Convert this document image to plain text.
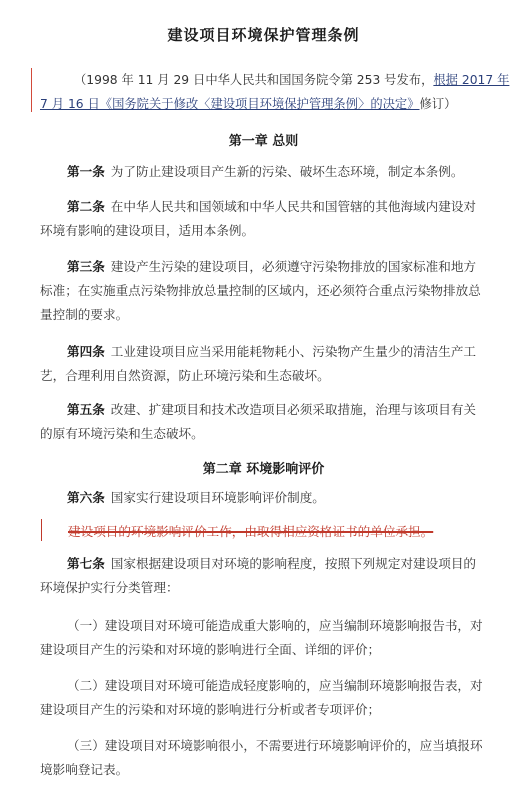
建设项目环境保护管理条例
（1998 年 11 月 29 日中华人民共和国国务院令第 253 号发布，根据 2017 年
7 月 16 日《国务院关于修改〈建设项目环境保护管理条例〉的决定》修订）
第一章 总则
第一条 为了防止建设项目产生新的污染、破坏生态环境，制定本条例。
第二条 在中华人民共和国领域和中华人民共和国管辖的其他海域内建设对
环境有影响的建设项目，适用本条例。
第三条 建设产生污染的建设项目，必须遵守污染物排放的国家标准和地方
标准；在实施重点污染物排放总量控制的区域内，还必须符合重点污染物排放总
量控制的要求。
第四条 工业建设项目应当采用能耗物耗小、污染物产生量少的清洁生产工
艺，合理利用自然资源，防止环境污染和生态破坏。
第五条 改建、扩建项目和技术改造项目必须采取措施，治理与该项目有关
的原有环境污染和生态破坏。
第二章 环境影响评价
第六条 国家实行建设项目环境影响评价制度。
建设项目的环境影响评价工作，由取得相应资格证书的单位承担。
第七条 国家根据建设项目对环境的影响程度，按照下列规定对建设项目的
环境保护实行分类管理：
（一）建设项目对环境可能造成重大影响的，应当编制环境影响报告书，对
建设项目产生的污染和对环境的影响进行全面、详细的评价；
（二）建设项目对环境可能造成轻度影响的，应当编制环境影响报告表，对
建设项目产生的污染和对环境的影响进行分析或者专项评价；
（三）建设项目对环境影响很小，不需要进行环境影响评价的，应当填报环
境影响登记表。
